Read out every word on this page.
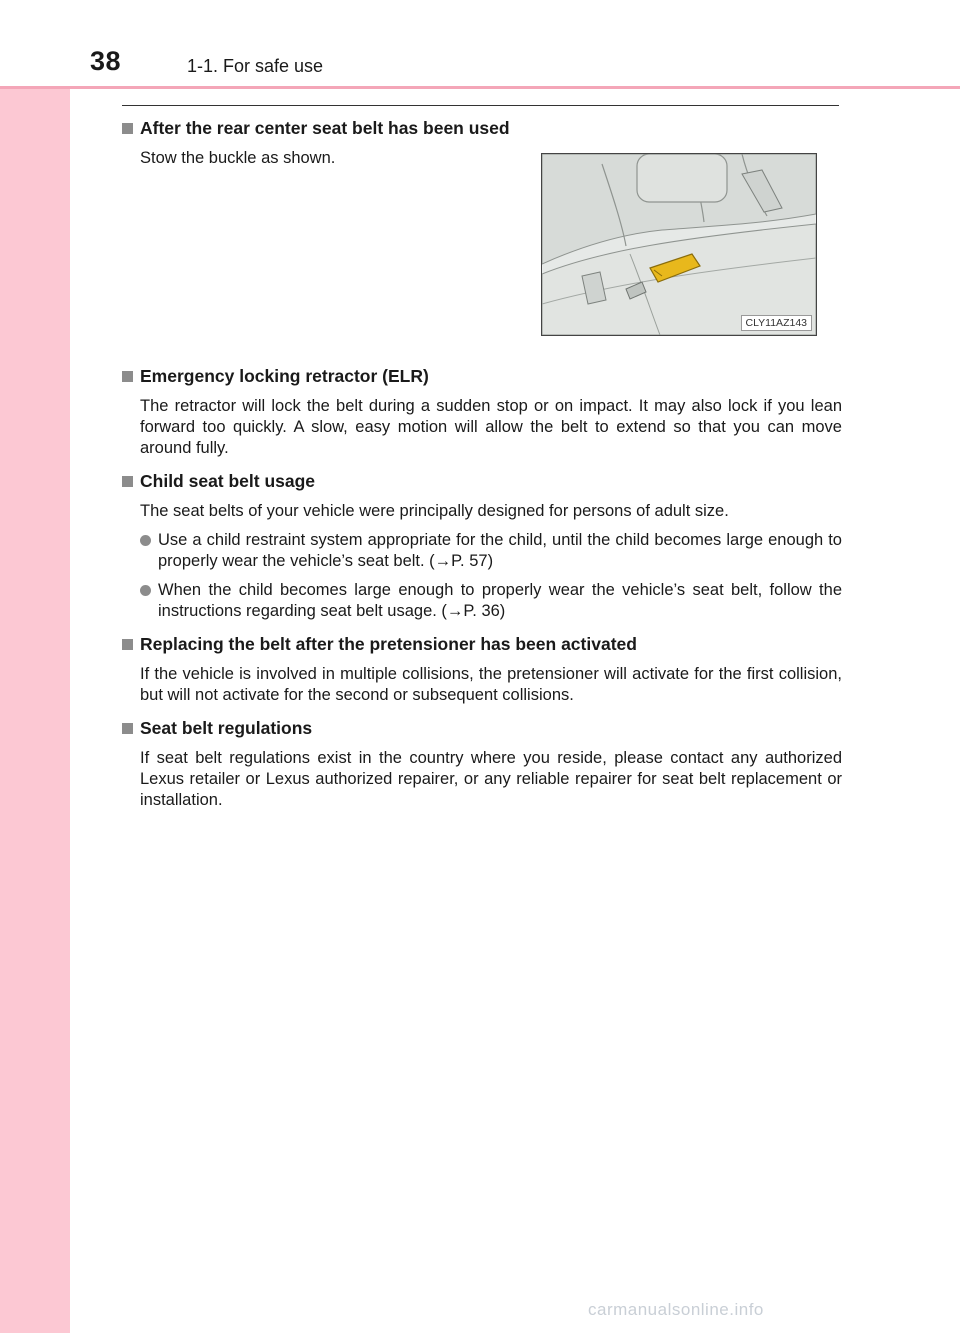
38	1-1. For safe use
After the rear center seat belt has been used
Stow the buckle as shown.
Emergency locking retractor (ELR)
The retractor will lock the belt during a sudden stop or on impact. It may also lock if you lean forward too quickly. A slow, easy motion will allow the belt to extend so that you can move around fully.
Child seat belt usage
The seat belts of your vehicle were principally designed for persons of adult size.
Use a child restraint system appropriate for the child, until the child becomes large enough to properly wear the vehicle’s seat belt. (→P. 57)
When the child becomes large enough to properly wear the vehicle’s seat belt, follow the instructions regarding seat belt usage. (→P. 36)
Replacing the belt after the pretensioner has been activated
If the vehicle is involved in multiple collisions, the pretensioner will activate for the first collision, but will not activate for the second or subsequent collisions.
Seat belt regulations
If seat belt regulations exist in the country where you reside, please contact any authorized Lexus retailer or Lexus authorized repairer, or any reliable repairer for seat belt replacement or installation.
CLY11AZ143
carmanualsonline.info
